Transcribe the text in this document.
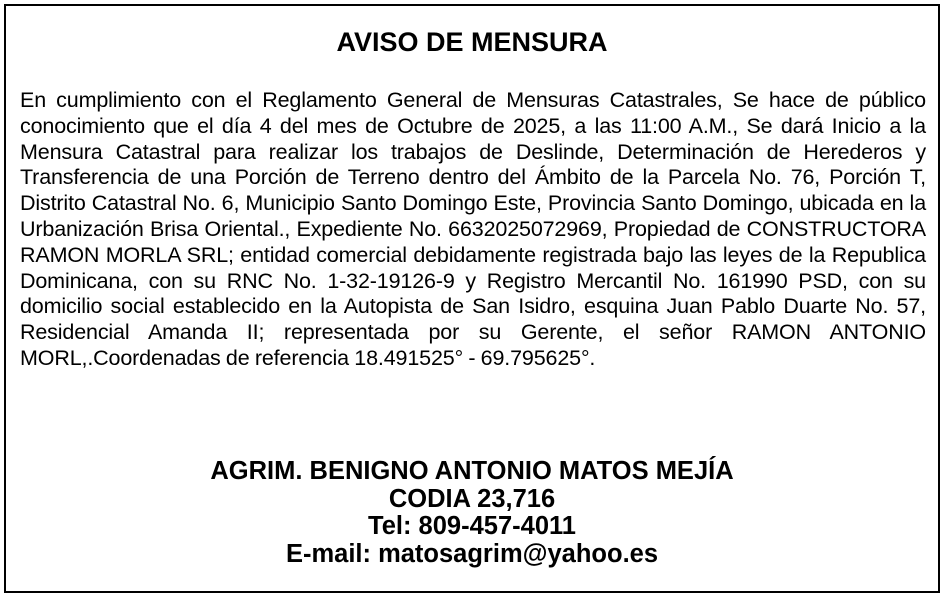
AVISO DE MENSURA
En cumplimiento con el Reglamento General de Mensuras Catastrales, Se hace de público conocimiento que el día 4 del mes de Octubre de 2025, a las 11:00 A.M., Se dará Inicio a la Mensura Catastral para realizar los trabajos de Deslinde, Determinación de Herederos y Transferencia de una Porción de Terreno dentro del Ámbito de la Parcela No. 76, Porción T, Distrito Catastral No. 6, Municipio Santo Domingo Este, Provincia Santo Domingo, ubicada en la Urbanización Brisa Oriental., Expediente No. 6632025072969, Propiedad de CONSTRUCTORA RAMON MORLA SRL; entidad comercial debidamente registrada bajo las leyes de la Republica Dominicana, con su RNC No. 1-32-19126-9 y Registro Mercantil No. 161990 PSD, con su domicilio social establecido en la Autopista de San Isidro, esquina Juan Pablo Duarte No. 57, Residencial Amanda II; representada por su Gerente, el señor RAMON ANTONIO MORL,.Coordenadas de referencia 18.491525° - 69.795625°.
AGRIM. BENIGNO ANTONIO MATOS MEJÍA
CODIA 23,716
Tel: 809-457-4011
E-mail: matosagrim@yahoo.es
